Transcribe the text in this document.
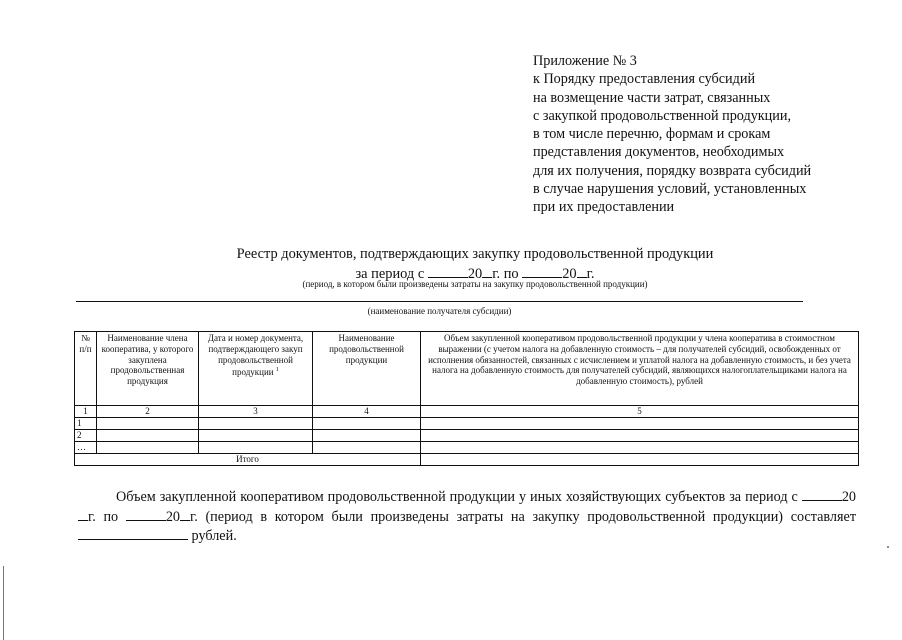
Приложение № 3
к Порядку предоставления субсидий
на возмещение части затрат, связанных
с закупкой продовольственной продукции,
в том числе перечню, формам и срокам
представления документов, необходимых
для их получения, порядку возврата субсидий
в случае нарушения условий, установленных
при их предоставлении
Реестр документов, подтверждающих закупку продовольственной продукции
за период с	20 г. по	20 г.
(период, в котором были произведены затраты на закупку продовольственной продукции)
(наименование получателя субсидии)
№ п/п	Наименование члена кооператива, у которого закуплена продовольственная продукция	Дата и номер документа, подтверждающего закуп продовольственной продукции $^1$	Наименование продовольственной продукции	Объем закупленной кооперативом продовольственной продукции у члена кооператива в стоимостном выражении (с учетом налога на добавленную стоимость – для получателей субсидий, освобожденных от исполнения обязанностей, связанных с исчислением и уплатой налога на добавленную стоимость, и без учета налога на добавленную стоимость для получателей субсидий, являющихся налогоплательщиками налога на добавленную стоимость), рублей
1	2	3	4	5
1				
2				
…				
Итого				
Объем закупленной кооперативом продовольственной продукции у иных хозяйствующих субъектов за период с	20г. по	20 г. (период в котором были произведены затраты на закупку продовольственной продукции) составляет  рублей.
